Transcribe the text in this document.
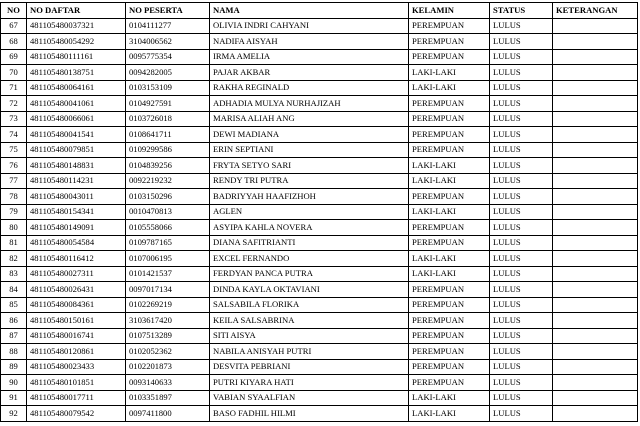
NO	NO DAFTAR	NO PESERTA	NAMA	KELAMIN	STATUS	KETERANGAN
67	481105480037321	0104111277	OLIVIA INDRI CAHYANI	PEREMPUAN	LULUS	
68	481105480054292	3104006562	NADIFA AISYAH	PEREMPUAN	LULUS	
69	481105480111161	0095775354	IRMA AMELIA	PEREMPUAN	LULUS	
70	481105480138751	0094282005	PAJAR AKBAR	LAKI-LAKI	LULUS	
71	481105480064161	0103153109	RAKHA REGINALD	LAKI-LAKI	LULUS	
72	481105480041061	0104927591	ADHADIA MULYA NURHAJIZAH	PEREMPUAN	LULUS	
73	481105480066061	0103726018	MARISA ALIAH ANG	PEREMPUAN	LULUS	
74	481105480041541	0108641711	DEWI MADIANA	PEREMPUAN	LULUS	
75	481105480079851	0109299586	ERIN SEPTIANI	PEREMPUAN	LULUS	
76	481105480148831	0104839256	FRYTA SETYO SARI	LAKI-LAKI	LULUS	
77	481105480114231	0092219232	RENDY TRI PUTRA	LAKI-LAKI	LULUS	
78	481105480043011	0103150296	BADRIYYAH HAAFIZHOH	PEREMPUAN	LULUS	
79	481105480154341	0010470813	AGLEN	LAKI-LAKI	LULUS	
80	481105480149091	0105558066	ASYIPA KAHLA NOVERA	PEREMPUAN	LULUS	
81	481105480054584	0109787165	DIANA SAFITRIANTI	PEREMPUAN	LULUS	
82	481105480116412	0107006195	EXCEL FERNANDO	LAKI-LAKI	LULUS	
83	481105480027311	0101421537	FERDYAN PANCA PUTRA	LAKI-LAKI	LULUS	
84	481105480026431	0097017134	DINDA KAYLA OKTAVIANI	PEREMPUAN	LULUS	
85	481105480084361	0102269219	SALSABILA FLORIKA	PEREMPUAN	LULUS	
86	481105480150161	3103617420	KEILA SALSABRINA	PEREMPUAN	LULUS	
87	481105480016741	0107513289	SITI AISYA	PEREMPUAN	LULUS	
88	481105480120861	0102052362	NABILA ANISYAH PUTRI	PEREMPUAN	LULUS	
89	481105480023433	0102201873	DESVITA PEBRIANI	PEREMPUAN	LULUS	
90	481105480101851	0093140633	PUTRI KIYARA HATI	PEREMPUAN	LULUS	
91	481105480017711	0103351897	VABIAN SYAALFIAN	LAKI-LAKI	LULUS	
92	481105480079542	0097411800	BASO FADHIL HILMI	LAKI-LAKI	LULUS	
